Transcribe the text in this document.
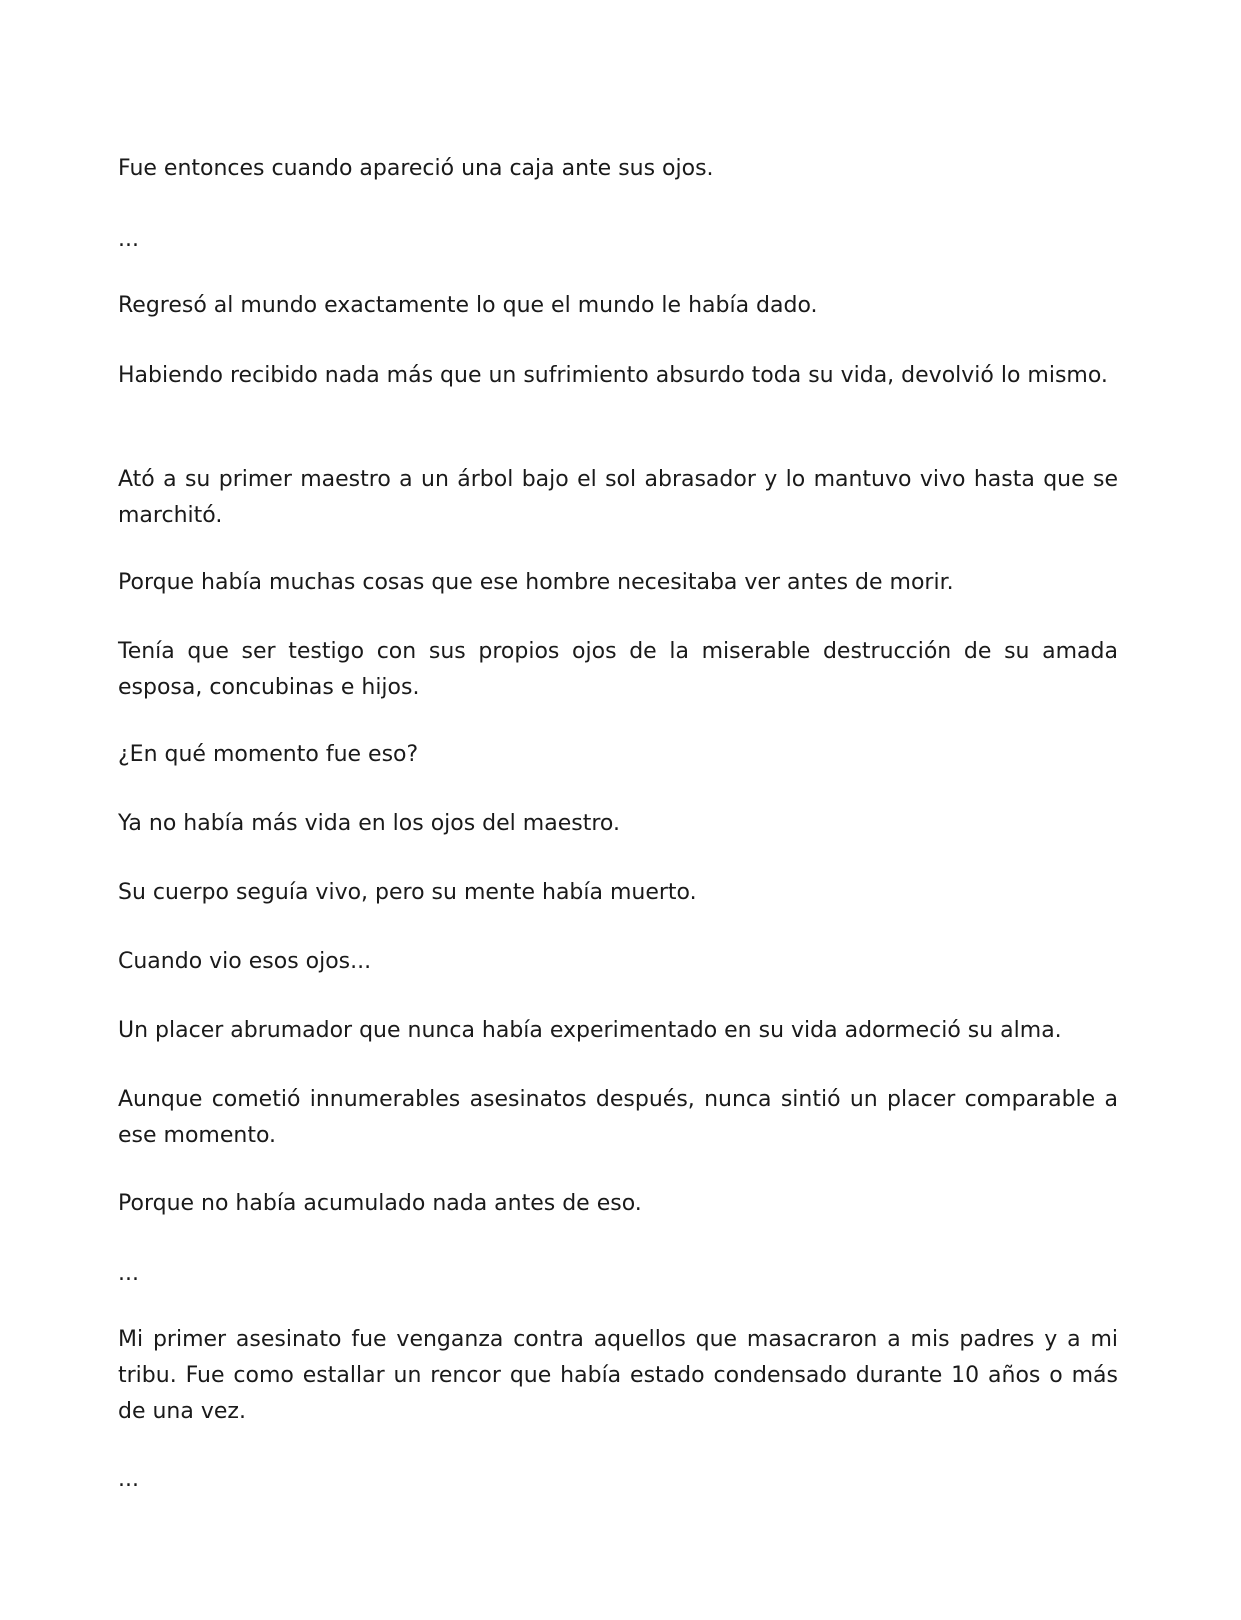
Fue entonces cuando apareció una caja ante sus ojos.

...

Regresó al mundo exactamente lo que el mundo le había dado.

Habiendo recibido nada más que un sufrimiento absurdo toda su vida, devolvió lo mismo.

Ató a su primer maestro a un árbol bajo el sol abrasador y lo mantuvo vivo hasta que se marchitó.

Porque había muchas cosas que ese hombre necesitaba ver antes de morir.

Tenía que ser testigo con sus propios ojos de la miserable destrucción de su amada esposa, concubinas e hijos.

¿En qué momento fue eso?

Ya no había más vida en los ojos del maestro.

Su cuerpo seguía vivo, pero su mente había muerto.

Cuando vio esos ojos...

Un placer abrumador que nunca había experimentado en su vida adormeció su alma.

Aunque cometió innumerables asesinatos después, nunca sintió un placer comparable a ese momento.

Porque no había acumulado nada antes de eso.

...

Mi primer asesinato fue venganza contra aquellos que masacraron a mis padres y a mi tribu. Fue como estallar un rencor que había estado condensado durante 10 años o más de una vez.

...
